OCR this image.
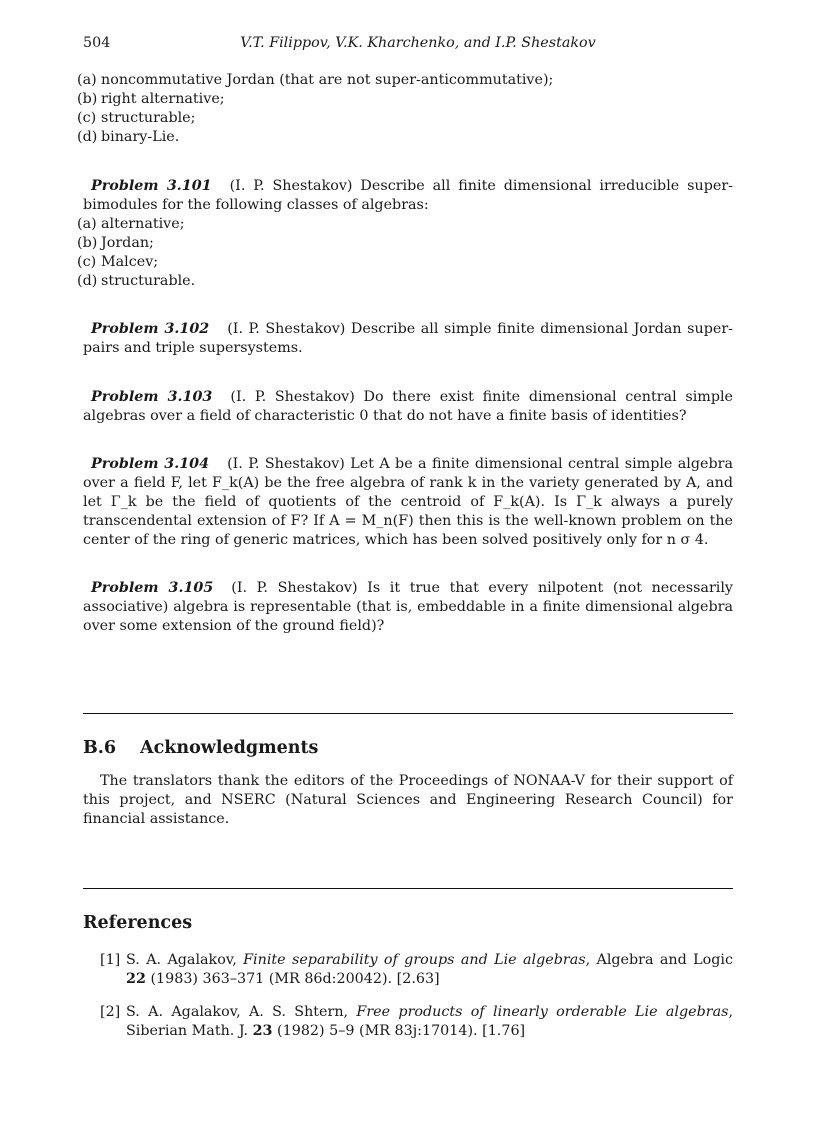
504	V.T. Filippov, V.K. Kharchenko, and I.P. Shestakov
(a) noncommutative Jordan (that are not super-anticommutative);
(b) right alternative;
(c) structurable;
(d) binary-Lie.

Problem 3.101 (I. P. Shestakov) Describe all finite dimensional irreducible super-bimodules for the following classes of algebras:

(a) alternative;
(b) Jordan;
(c) Malcev;
(d) structurable.

Problem 3.102 (I. P. Shestakov) Describe all simple finite dimensional Jordan super-pairs and triple supersystems.

Problem 3.103 (I. P. Shestakov) Do there exist finite dimensional central simple algebras over a field of characteristic 0 that do not have a finite basis of identities?

Problem 3.104 (I. P. Shestakov) Let A be a finite dimensional central simple algebra over a field F, let F_k(A) be the free algebra of rank k in the variety generated by A, and let Γ_k be the field of quotients of the centroid of F_k(A). Is Γ_k always a purely transcendental extension of F? If A = M_n(F) then this is the well-known problem on the center of the ring of generic matrices, which has been solved positively only for n σ 4.

Problem 3.105 (I. P. Shestakov) Is it true that every nilpotent (not necessarily associative) algebra is representable (that is, embeddable in a finite dimensional algebra over some extension of the ground field)?

B.6 Acknowledgments

The translators thank the editors of the Proceedings of NONAA-V for their support of this project, and NSERC (Natural Sciences and Engineering Research Council) for financial assistance.

References
[1] S. A. Agalakov, Finite separability of groups and Lie algebras, Algebra and Logic 22 (1983) 363–371 (MR 86d:20042). [2.63]
[2] S. A. Agalakov, A. S. Shtern, Free products of linearly orderable Lie algebras, Siberian Math. J. 23 (1982) 5–9 (MR 83j:17014). [1.76]
